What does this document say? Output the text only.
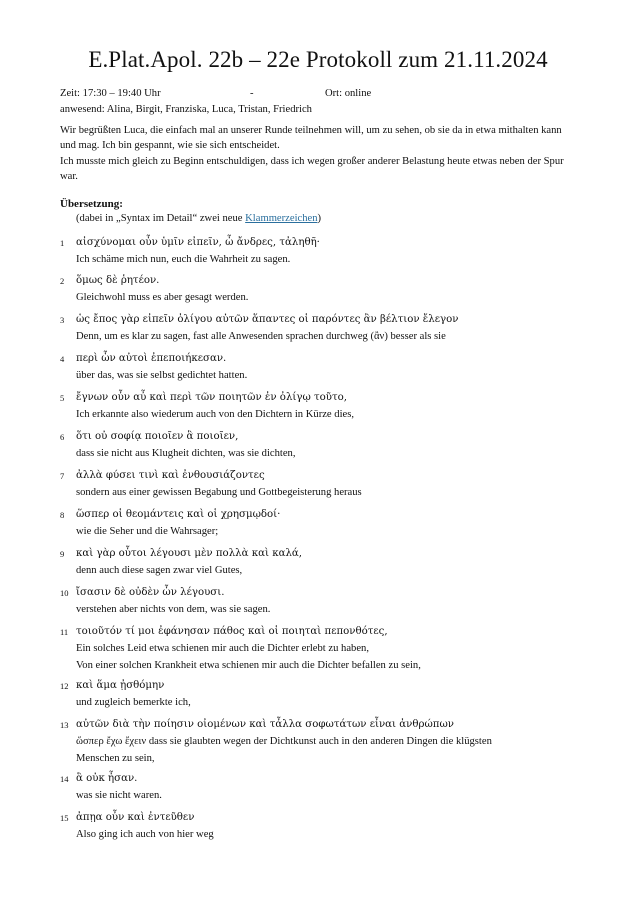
E.Plat.Apol. 22b – 22e Protokoll zum 21.11.2024
Zeit: 17:30 – 19:40 Uhr	-	Ort: online
anwesend: Alina, Birgit, Franziska, Luca, Tristan, Friedrich

Wir begrüßten Luca, die einfach mal an unserer Runde teilnehmen will, um zu sehen, ob sie da in etwa mithalten kann und mag. Ich bin gespannt, wie sie sich entscheidet.

Ich musste mich gleich zu Beginn entschuldigen, dass ich wegen großer anderer Belastung heute etwas neben der Spur war.

Übersetzung:
(dabei in „Syntax im Detail“ zwei neue Klammerzeichen)
1	αἰσχύνομαι οὖν ὑμῖν εἰπεῖν, ὦ ἄνδρες, τἀληθῆ·
Ich schäme mich nun, euch die Wahrheit zu sagen.
2	ὅμως δὲ ῥητέον.
Gleichwohl muss es aber gesagt werden.
3	ὡς ἔπος γὰρ εἰπεῖν ὀλίγου αὐτῶν ἅπαντες οἱ παρόντες ἂν βέλτιον ἔλεγον
Denn, um es klar zu sagen, fast alle Anwesenden sprachen durchweg (ἂν) besser als sie
4	περὶ ὧν αὐτοὶ ἐπεποιήκεσαν.
über das, was sie selbst gedichtet hatten.
5	ἔγνων οὖν αὖ καὶ περὶ τῶν ποιητῶν ἐν ὀλίγῳ τοῦτο,
Ich erkannte also wiederum auch von den Dichtern in Kürze dies,
6	ὅτι οὐ σοφίᾳ ποιοῖεν ἃ ποιοῖεν,
dass sie nicht aus Klugheit dichten, was sie dichten,
7	ἀλλὰ φύσει τινὶ καὶ ἐνθουσιάζοντες
sondern aus einer gewissen Begabung und Gottbegeisterung heraus
8	ὥσπερ οἱ θεομάντεις καὶ οἱ χρησμῳδοί·
wie die Seher und die Wahrsager;
9	καὶ γὰρ οὗτοι λέγουσι μὲν πολλὰ καὶ καλά,
denn auch diese sagen zwar viel Gutes,
10 ἴσασιν δὲ οὐδὲν ὧν λέγουσι.
verstehen aber nichts von dem, was sie sagen.
11 τοιοῦτόν τί μοι ἐφάνησαν πάθος καὶ οἱ ποιηταὶ πεπονθότες,
Ein solches Leid etwa schienen mir auch die Dichter erlebt zu haben,
Von einer solchen Krankheit etwa schienen mir auch die Dichter befallen zu sein,
12 καὶ ἅμα ᾐσθόμην
und zugleich bemerkte ich,
13 αὐτῶν διὰ τὴν ποίησιν οἰομένων καὶ τἆλλα σοφωτάτων εἶναι ἀνθρώπων
ὥσπερ ἔχω ἔχειν dass sie glaubten wegen der Dichtkunst auch in den anderen Dingen die klügsten
Menschen zu sein,
14 ἃ οὐκ ἦσαν.
was sie nicht waren.
15 ἀπῃα οὖν καὶ ἐντεῦθεν
Also ging ich auch von hier weg
